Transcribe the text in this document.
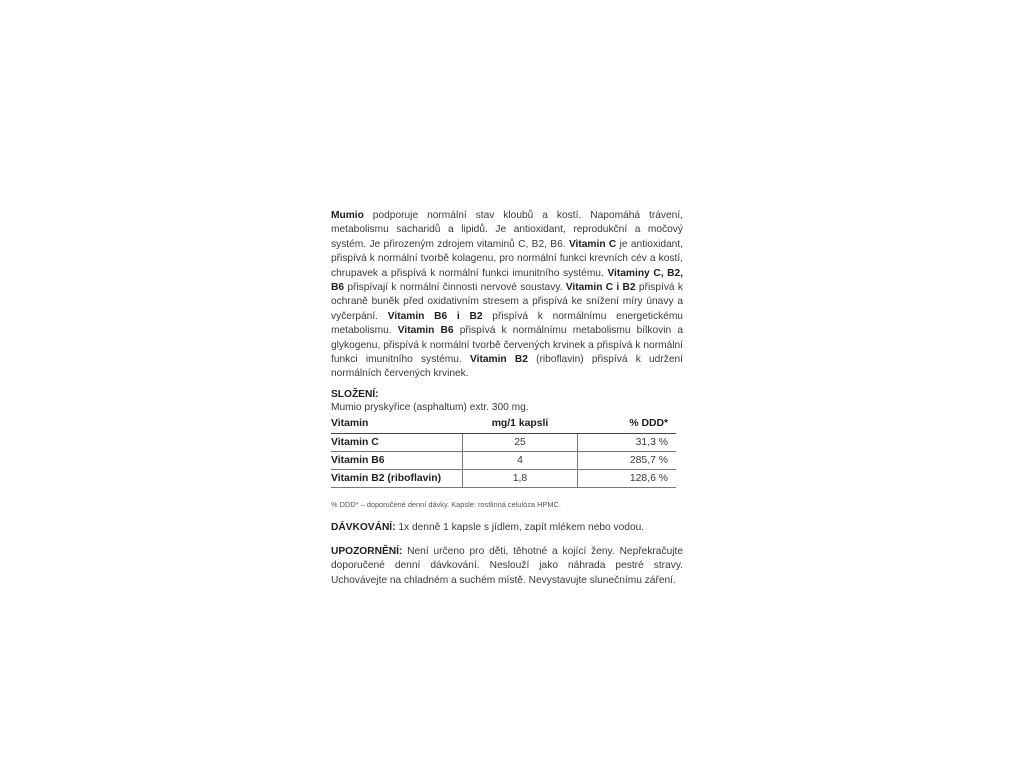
Mumio podporuje normální stav kloubů a kostí. Napomáhá trávení, metabolismu sacharidů a lipidů. Je antioxidant, reprodukční a močový systém. Je přirozeným zdrojem vitaminů C, B2, B6. Vitamin C je antioxidant, přispívá k normální tvorbě kolagenu, pro normální funkci krevních cév a kostí, chrupavek a přispívá k normální funkci imunitního systému. Vitaminy C, B2, B6 přispívají k normální činnosti nervové soustavy. Vitamin C i B2 přispívá k ochraně buněk před oxidativním stresem a přispívá ke snížení míry únavy a vyčerpání. Vitamin B6 i B2 přispívá k normálnímu energetickému metabolismu. Vitamin B6 přispívá k normálnímu metabolismu bílkovin a glykogenu, přispívá k normální tvorbě červených krvinek a přispívá k normální funkci imunitního systému. Vitamin B2 (riboflavin) přispívá k udržení normálních červených krvinek.

SLOŽENÍ:

Mumio pryskyřice (asphaltum) extr. 300 mg.

Vitamin	mg/1 kapsli	% DDD*
Vitamin C	25	31,3 %
Vitamin B6	4	285,7 %
Vitamin B2 (riboflavin)	1,8	128,6 %

% DDD* – doporučené denní dávky. Kapsle: rostlinná celulóza HPMC.

DÁVKOVÁNÍ: 1x denně 1 kapsle s jídlem, zapít mlékem nebo vodou.

UPOZORNĚNÍ: Není určeno pro děti, těhotné a kojící ženy. Nepřekračujte doporučené denní dávkování. Neslouží jako náhrada pestré stravy. Uchovávejte na chladném a suchém místě. Nevystavujte slunečnímu záření.
